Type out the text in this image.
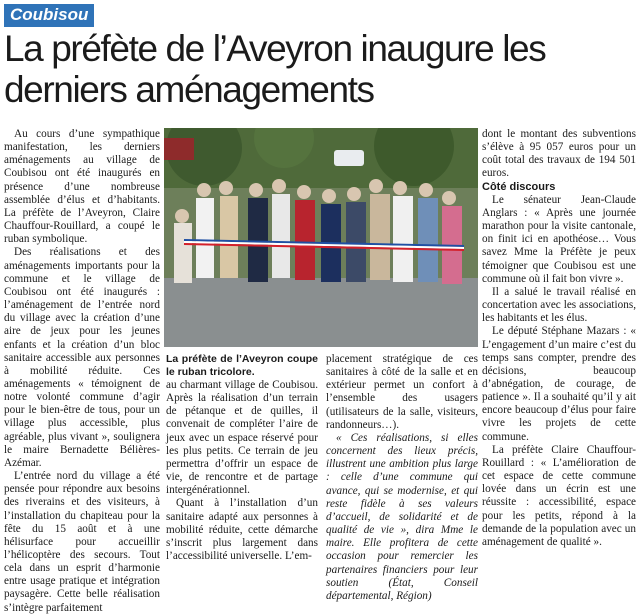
Coubisou
La préfète de l’Aveyron inaugure les derniers aménagements

Au cours d’une sympathique manifestation, les derniers aménagements au village de Coubisou ont été inaugurés en présence d’une nombreuse assemblée d’élus et d’habitants. La préfète de l’Aveyron, Claire Chauffour-Rouillard, a coupé le ruban symbolique.

Des réalisations et des aménagements importants pour la commune et le village de Coubisou ont été inaugurés : l’aménagement de l’entrée nord du village avec la création d’une aire de jeux pour les jeunes enfants et la création d’un bloc sanitaire accessible aux personnes à mobilité réduite. Ces aménagements « témoignent de notre volonté commune d’agir pour le bien-être de tous, pour un village plus accessible, plus agréable, plus vivant », soulignera le maire Bernadette Bélières-Azémar.

L’entrée nord du village a été pensée pour répondre aux besoins des riverains et des visiteurs, à l’installation du chapiteau pour la fête du 15 août et à une hélisurface pour accueillir l’hélicoptère des secours. Tout cela dans un esprit d’harmonie entre usage pratique et intégration paysagère. Cette belle réalisation s’intègre parfaitement

La préfète de l’Aveyron coupe le ruban tricolore.

au charmant village de Coubisou. Après la réalisation d’un terrain de pétanque et de quilles, il convenait de compléter l’aire de jeux avec un espace réservé pour les plus petits. Ce terrain de jeu permettra d’offrir un espace de vie, de rencontre et de partage intergénérationnel.

Quant à l’installation d’un sanitaire adapté aux personnes à mobilité réduite, cette démarche s’inscrit plus largement dans l’accessibilité universelle. L’em-

placement stratégique de ces sanitaires à côté de la salle et en extérieur permet un confort à l’ensemble des usagers (utilisateurs de la salle, visiteurs, randonneurs…).

« Ces réalisations, si elles concernent des lieux précis, illustrent une ambition plus large : celle d’une commune qui avance, qui se modernise, et qui reste fidèle à ses valeurs d’accueil, de solidarité et de qualité de vie », dira Mme le maire. Elle profitera de cette occasion pour remercier les partenaires financiers pour leur soutien (État, Conseil départemental, Région)

dont le montant des subventions s’élève à 95 057 euros pour un coût total des travaux de 194 501 euros.

Côté discours

Le sénateur Jean-Claude Anglars : « Après une journée marathon pour la visite cantonale, on finit ici en apothéose… Vous savez Mme la Préfète je peux témoigner que Coubisou est une commune où il fait bon vivre ».

Il a salué le travail réalisé en concertation avec les associations, les habitants et les élus.

Le député Stéphane Mazars : « L’engagement d’un maire c’est du temps sans compter, prendre des décisions, beaucoup d’abnégation, de courage, de patience ». Il a souhaité qu’il y ait encore beaucoup d’élus pour faire vivre les projets de cette commune.

La préfète Claire Chauffour-Rouillard : « L’amélioration de cet espace de cette commune lovée dans un écrin est une réussite : accessibilité, espace pour les petits, répond à la demande de la population avec un aménagement de qualité ».
